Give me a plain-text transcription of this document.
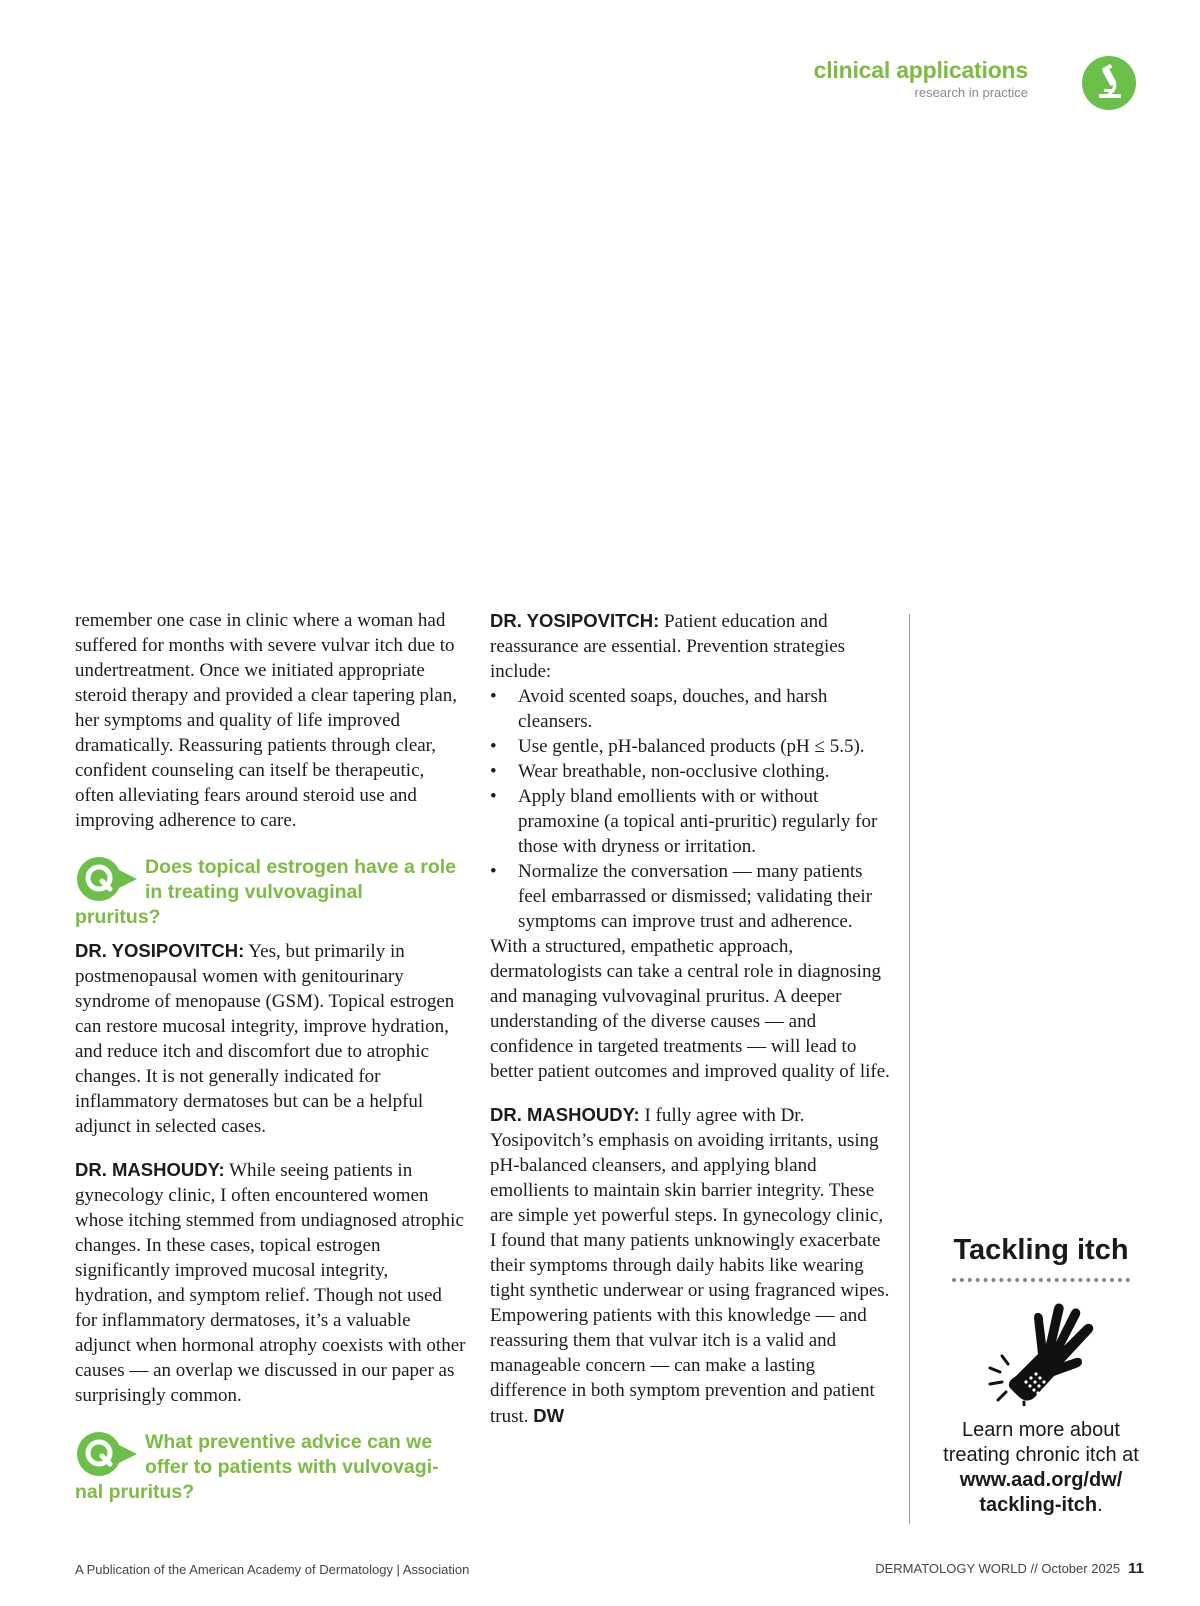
clinical applications
research in practice

remember one case in clinic where a woman had suffered for months with severe vulvar itch due to undertreatment. Once we initiated appropriate steroid therapy and provided a clear tapering plan, her symptoms and quality of life improved dramatically. Reassuring patients through clear, confident counseling can itself be therapeutic, often alleviating fears around steroid use and improving adherence to care.

Does topical estrogen have a role in treating vulvovaginal
pruritus?

DR. YOSIPOVITCH: Yes, but primarily in postmenopausal women with genitourinary syndrome of menopause (GSM). Topical estrogen can restore mucosal integrity, improve hydration, and reduce itch and discomfort due to atrophic changes. It is not generally indicated for inflammatory dermatoses but can be a helpful adjunct in selected cases.

DR. MASHOUDY: While seeing patients in gynecology clinic, I often encountered women whose itching stemmed from undiagnosed atrophic changes. In these cases, topical estrogen significantly improved mucosal integrity, hydration, and symptom relief. Though not used for inflammatory dermatoses, it’s a valuable adjunct when hormonal atrophy coexists with other causes — an overlap we discussed in our paper as surprisingly common.

What preventive advice can we offer to patients with vulvovagi-
nal pruritus?

DR. YOSIPOVITCH: Patient education and reassurance are essential. Prevention strategies include:

• Avoid scented soaps, douches, and harsh cleansers.
• Use gentle, pH-balanced products (pH ≤ 5.5).
• Wear breathable, non-occlusive clothing.
• Apply bland emollients with or without pramoxine (a topical anti-pruritic) regularly for those with dryness or irritation.
• Normalize the conversation — many patients feel embarrassed or dismissed; validating their symptoms can improve trust and adherence.

With a structured, empathetic approach, dermatologists can take a central role in diagnosing and managing vulvovaginal pruritus. A deeper understanding of the diverse causes — and confidence in targeted treatments — will lead to better patient outcomes and improved quality of life.

DR. MASHOUDY: I fully agree with Dr. Yosipovitch’s emphasis on avoiding irritants, using pH-balanced cleansers, and applying bland emollients to maintain skin barrier integrity. These are simple yet powerful steps. In gynecology clinic, I found that many patients unknowingly exacerbate their symptoms through daily habits like wearing tight synthetic underwear or using fragranced wipes. Empowering patients with this knowledge — and reassuring them that vulvar itch is a valid and manageable concern — can make a lasting difference in both symptom prevention and patient trust. DW

Tackling itch
Learn more about treating chronic itch at www.aad.org/dw/ tackling-itch.
A Publication of the American Academy of Dermatology | Association	DERMATOLOGY WORLD // October 2025 11
